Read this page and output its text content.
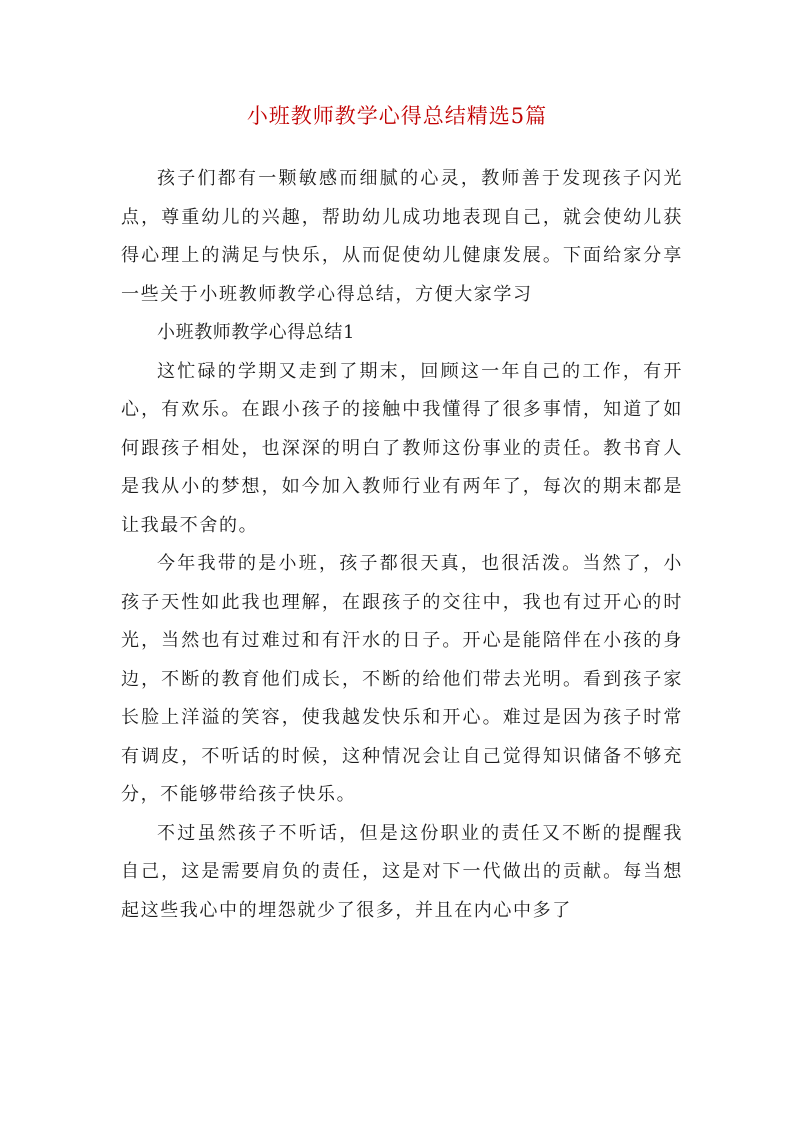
小班教师教学心得总结精选5篇

孩子们都有一颗敏感而细腻的心灵，教师善于发现孩子闪光点，尊重幼儿的兴趣，帮助幼儿成功地表现自己，就会使幼儿获得心理上的满足与快乐，从而促使幼儿健康发展。下面给家分享一些关于小班教师教学心得总结，方便大家学习

小班教师教学心得总结1

这忙碌的学期又走到了期末，回顾这一年自己的工作，有开心，有欢乐。在跟小孩子的接触中我懂得了很多事情，知道了如何跟孩子相处，也深深的明白了教师这份事业的责任。教书育人是我从小的梦想，如今加入教师行业有两年了，每次的期末都是让我最不舍的。

今年我带的是小班，孩子都很天真，也很活泼。当然了，小孩子天性如此我也理解，在跟孩子的交往中，我也有过开心的时光，当然也有过难过和有汗水的日子。开心是能陪伴在小孩的身边，不断的教育他们成长，不断的给他们带去光明。看到孩子家长脸上洋溢的笑容，使我越发快乐和开心。难过是因为孩子时常有调皮，不听话的时候，这种情况会让自己觉得知识储备不够充分，不能够带给孩子快乐。

不过虽然孩子不听话，但是这份职业的责任又不断的提醒我自己，这是需要肩负的责任，这是对下一代做出的贡献。每当想起这些我心中的埋怨就少了很多，并且在内心中多了
